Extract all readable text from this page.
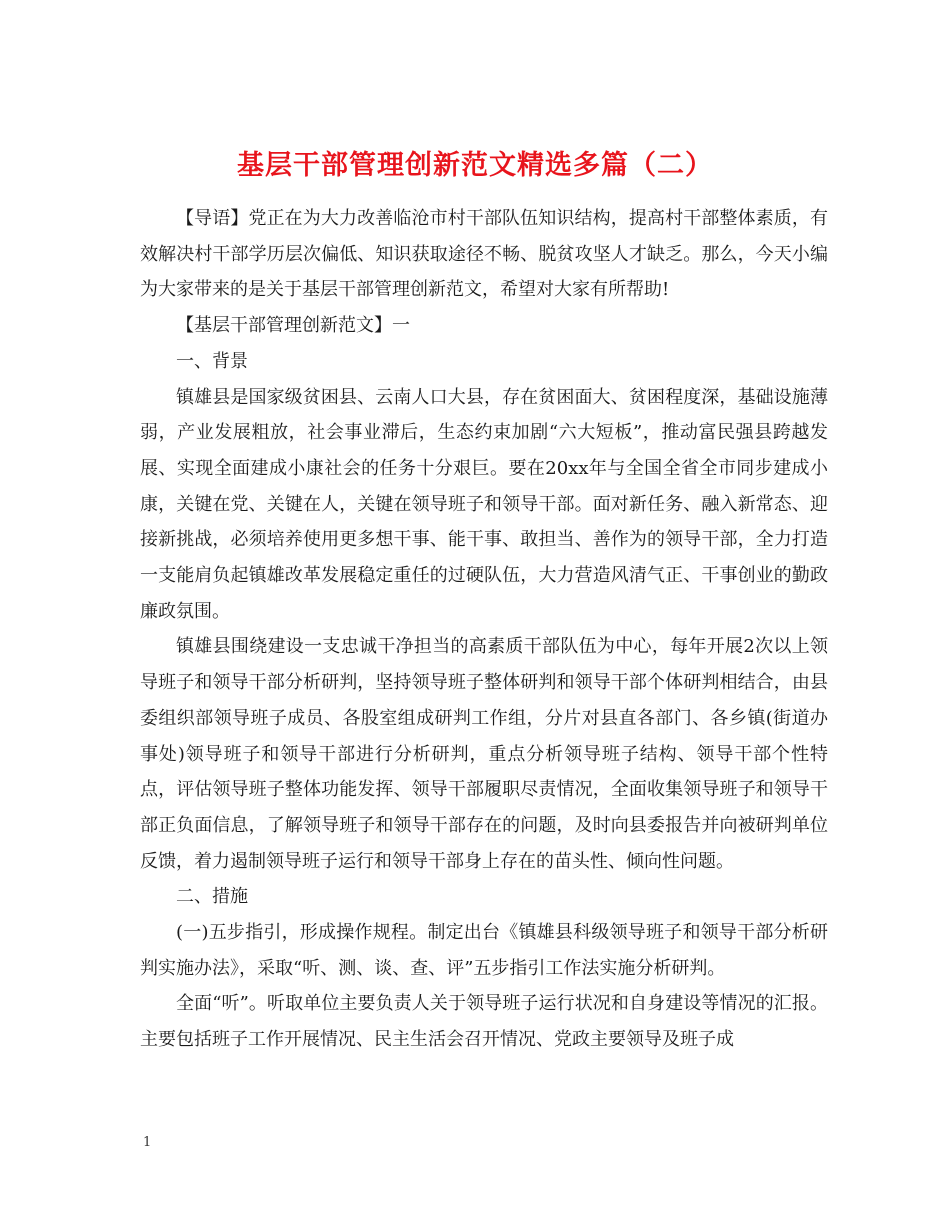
基层干部管理创新范文精选多篇（二）

【导语】党正在为大力改善临沧市村干部队伍知识结构，提高村干部整体素质，有效解决村干部学历层次偏低、知识获取途径不畅、脱贫攻坚人才缺乏。那么，今天小编为大家带来的是关于基层干部管理创新范文，希望对大家有所帮助!

【基层干部管理创新范文】一

一、背景

镇雄县是国家级贫困县、云南人口大县，存在贫困面大、贫困程度深，基础设施薄弱，产业发展粗放，社会事业滞后，生态约束加剧“六大短板”，推动富民强县跨越发展、实现全面建成小康社会的任务十分艰巨。要在20xx年与全国全省全市同步建成小康，关键在党、关键在人，关键在领导班子和领导干部。面对新任务、融入新常态、迎接新挑战，必须培养使用更多想干事、能干事、敢担当、善作为的领导干部，全力打造一支能肩负起镇雄改革发展稳定重任的过硬队伍，大力营造风清气正、干事创业的勤政廉政氛围。

镇雄县围绕建设一支忠诚干净担当的高素质干部队伍为中心，每年开展2次以上领导班子和领导干部分析研判，坚持领导班子整体研判和领导干部个体研判相结合，由县委组织部领导班子成员、各股室组成研判工作组，分片对县直各部门、各乡镇(街道办事处)领导班子和领导干部进行分析研判，重点分析领导班子结构、领导干部个性特点，评估领导班子整体功能发挥、领导干部履职尽责情况，全面收集领导班子和领导干部正负面信息，了解领导班子和领导干部存在的问题，及时向县委报告并向被研判单位反馈，着力遏制领导班子运行和领导干部身上存在的苗头性、倾向性问题。

二、措施

(一)五步指引，形成操作规程。制定出台《镇雄县科级领导班子和领导干部分析研判实施办法》，采取“听、测、谈、查、评”五步指引工作法实施分析研判。

全面“听”。听取单位主要负责人关于领导班子运行状况和自身建设等情况的汇报。主要包括班子工作开展情况、民主生活会召开情况、党政主要领导及班子成

1
